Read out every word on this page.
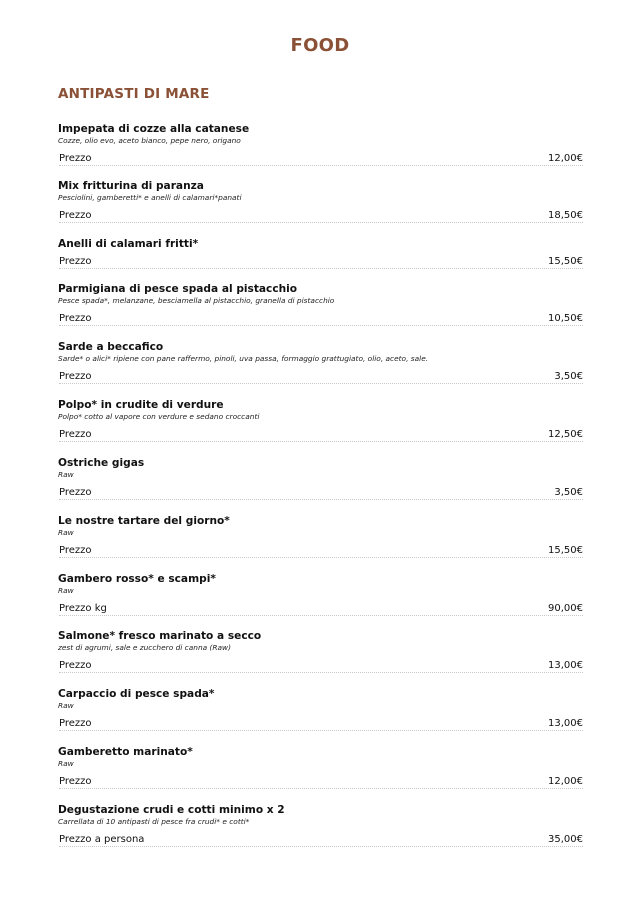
FOOD
ANTIPASTI DI MARE
Impepata di cozze alla catanese
Cozze, olio evo, aceto bianco, pepe nero, origano
Prezzo	12,00€
Mix fritturina di paranza
Pesciolini, gamberetti* e anelli di calamari*panati
Prezzo	18,50€
Anelli di calamari fritti*
Prezzo	15,50€
Parmigiana di pesce spada al pistacchio
Pesce spada*, melanzane, besciamella al pistacchio, granella di pistacchio
Prezzo	10,50€
Sarde a beccafico
Sarde* o alici* ripiene con pane raffermo, pinoli, uva passa, formaggio grattugiato, olio, aceto, sale.
Prezzo	3,50€
Polpo* in crudite di verdure
Polpo* cotto al vapore con verdure e sedano croccanti
Prezzo	12,50€
Ostriche gigas
Raw
Prezzo	3,50€
Le nostre tartare del giorno*
Raw
Prezzo	15,50€
Gambero rosso* e scampi*
Raw
Prezzo kg	90,00€
Salmone* fresco marinato a secco
zest di agrumi, sale e zucchero di canna (Raw)
Prezzo	13,00€
Carpaccio di pesce spada*
Raw
Prezzo	13,00€
Gamberetto marinato*
Raw
Prezzo	12,00€
Degustazione crudi e cotti minimo x 2
Carrellata di 10 antipasti di pesce fra crudi* e cotti*
Prezzo a persona	35,00€
